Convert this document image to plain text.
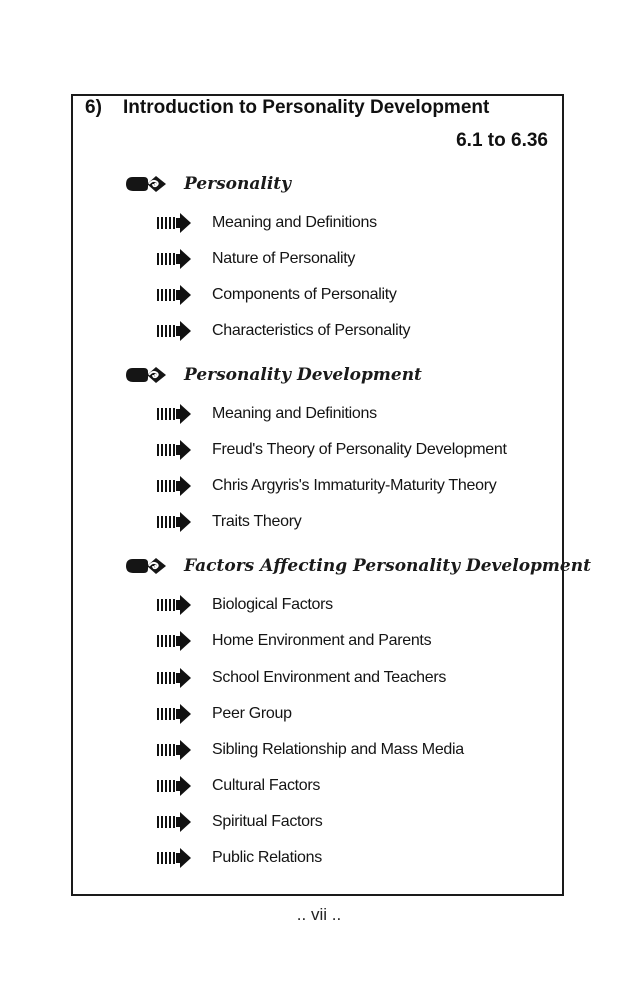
6) Introduction to Personality Development
6.1 to 6.36
Personality
Meaning and Definitions
Nature of Personality
Components of Personality
Characteristics of Personality
Personality Development
Meaning and Definitions
Freud's Theory of Personality Development
Chris Argyris's Immaturity-Maturity Theory
Traits Theory
Factors Affecting Personality Development
Biological Factors
Home Environment and Parents
School Environment and Teachers
Peer Group
Sibling Relationship and Mass Media
Cultural Factors
Spiritual Factors
Public Relations
.. vii ..
